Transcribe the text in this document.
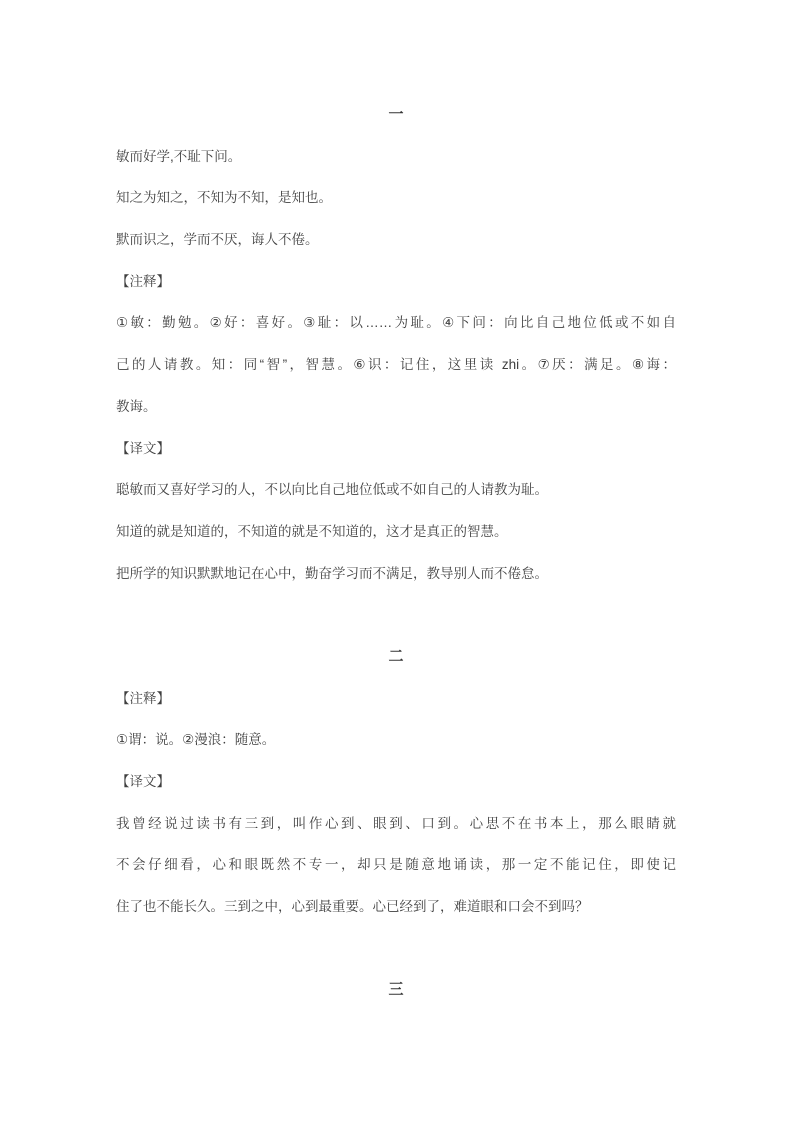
一
敏而好学,不耻下问。
知之为知之，不知为不知，是知也。
默而识之，学而不厌，诲人不倦。
【注释】
①敏：勤勉。②好：喜好。③耻：以……为耻。④下问：向比自己地位低或不如自
己的人请教。知：同“智”，智慧。⑥识：记住，这里读 zhi。⑦厌：满足。⑧诲：
教诲。
【译文】
聪敏而又喜好学习的人，不以向比自己地位低或不如自己的人请教为耻。
知道的就是知道的，不知道的就是不知道的，这才是真正的智慧。
把所学的知识默默地记在心中，勤奋学习而不满足，教导别人而不倦怠。
二
【注释】
①谓：说。②漫浪：随意。
【译文】
我曾经说过读书有三到，叫作心到、眼到、口到。心思不在书本上，那么眼睛就
不会仔细看，心和眼既然不专一，却只是随意地诵读，那一定不能记住，即使记
住了也不能长久。三到之中，心到最重要。心已经到了，难道眼和口会不到吗？
三
